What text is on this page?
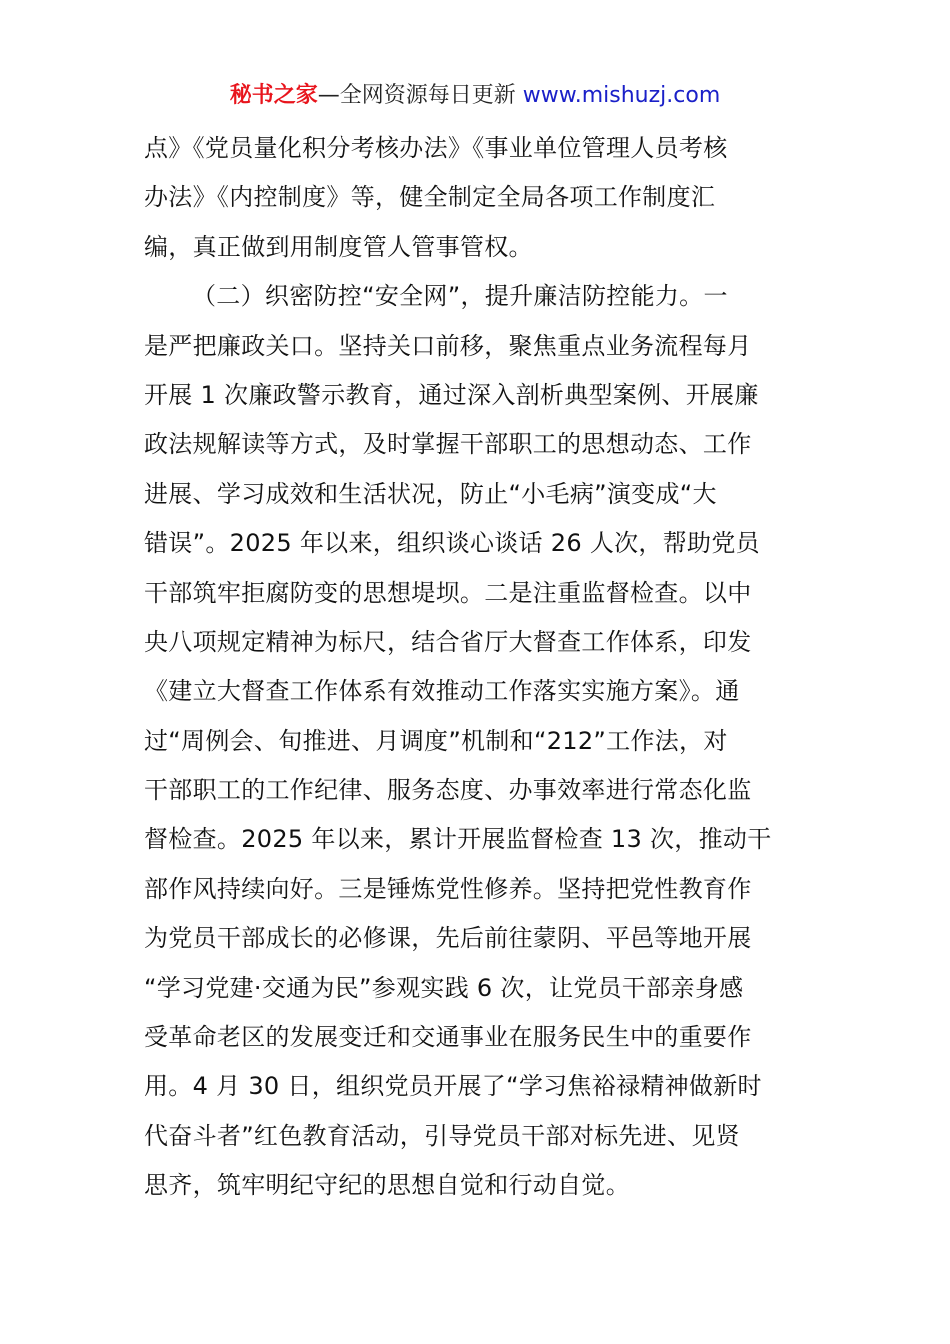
秘书之家—全网资源每日更新 www.mishuzj.com
点》《党员量化积分考核办法》《事业单位管理人员考核
办法》《内控制度》等，健全制定全局各项工作制度汇
编，真正做到用制度管人管事管权。
（二）织密防控“安全网”，提升廉洁防控能力。一
是严把廉政关口。坚持关口前移，聚焦重点业务流程每月
开展 1 次廉政警示教育，通过深入剖析典型案例、开展廉
政法规解读等方式，及时掌握干部职工的思想动态、工作
进展、学习成效和生活状况，防止“小毛病”演变成“大
错误”。2025 年以来，组织谈心谈话 26 人次，帮助党员
干部筑牢拒腐防变的思想堤坝。二是注重监督检查。以中
央八项规定精神为标尺，结合省厅大督查工作体系，印发
《建立大督查工作体系有效推动工作落实实施方案》。通
过“周例会、旬推进、月调度”机制和“212”工作法，对
干部职工的工作纪律、服务态度、办事效率进行常态化监
督检查。2025 年以来，累计开展监督检查 13 次，推动干
部作风持续向好。三是锤炼党性修养。坚持把党性教育作
为党员干部成长的必修课，先后前往蒙阴、平邑等地开展
“学习党建·交通为民”参观实践 6 次，让党员干部亲身感
受革命老区的发展变迁和交通事业在服务民生中的重要作
用。4 月 30 日，组织党员开展了“学习焦裕禄精神做新时
代奋斗者”红色教育活动，引导党员干部对标先进、见贤
思齐，筑牢明纪守纪的思想自觉和行动自觉。
